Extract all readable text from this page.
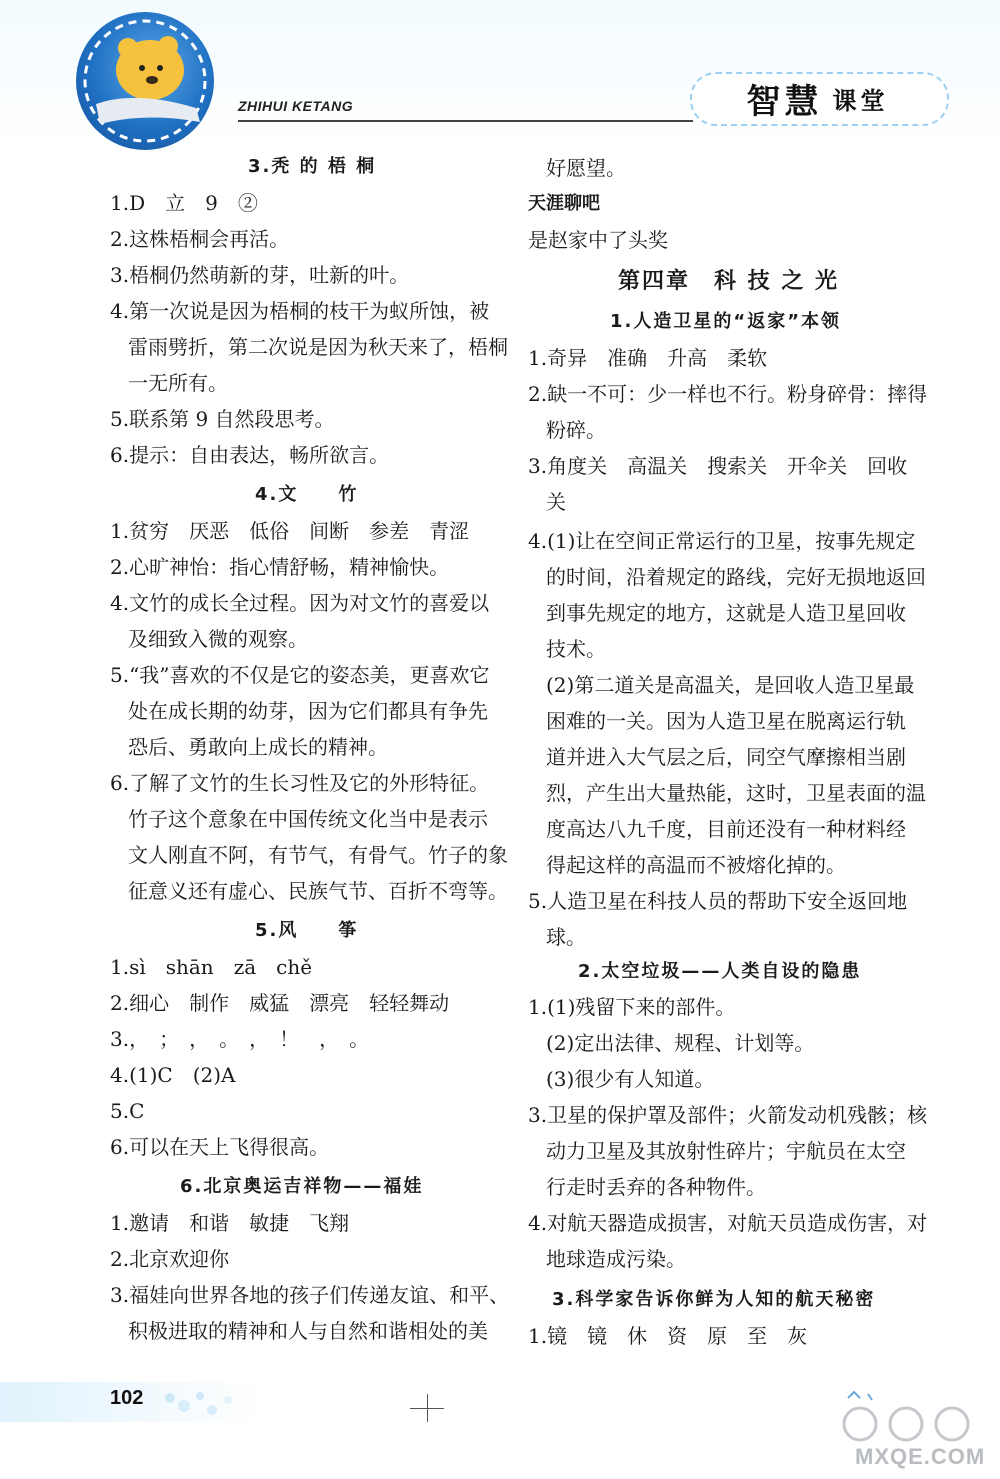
ZHIHUI KETANG	智慧 课堂
3.秃 的 梧 桐
1.D　立　9　②
2.这株梧桐会再活。
3.梧桐仍然萌新的芽，吐新的叶。
4.第一次说是因为梧桐的枝干为蚁所蚀，被
雷雨劈折，第二次说是因为秋天来了，梧桐
一无所有。
5.联系第 9 自然段思考。
6.提示：自由表达，畅所欲言。
4.文　　竹
1.贫穷　厌恶　低俗　间断　参差　青涩
2.心旷神怡：指心情舒畅，精神愉快。
4.文竹的成长全过程。因为对文竹的喜爱以
及细致入微的观察。
5.“我”喜欢的不仅是它的姿态美，更喜欢它
处在成长期的幼芽，因为它们都具有争先
恐后、勇敢向上成长的精神。
6.了解了文竹的生长习性及它的外形特征。
竹子这个意象在中国传统文化当中是表示
文人刚直不阿，有节气，有骨气。竹子的象
征意义还有虚心、民族气节、百折不弯等。
5.风　　筝
1.sì　shān　zā　chě
2.细心　制作　威猛　漂亮　轻轻舞动
3.，　；　，　。　，　！　，　。
4.(1)C　(2)A
5.C
6.可以在天上飞得很高。
6.北京奥运吉祥物——福娃
1.邀请　和谐　敏捷　飞翔
2.北京欢迎你
3.福娃向世界各地的孩子们传递友谊、和平、
积极进取的精神和人与自然和谐相处的美
好愿望。
天涯聊吧
是赵家中了头奖
第四章　科 技 之 光
1.人造卫星的“返家”本领
1.奇异　准确　升高　柔软
2.缺一不可：少一样也不行。粉身碎骨：摔得
粉碎。
3.角度关　高温关　搜索关　开伞关　回收
关
4.(1)让在空间正常运行的卫星，按事先规定
的时间，沿着规定的路线，完好无损地返回
到事先规定的地方，这就是人造卫星回收
技术。
(2)第二道关是高温关，是回收人造卫星最
困难的一关。因为人造卫星在脱离运行轨
道并进入大气层之后，同空气摩擦相当剧
烈，产生出大量热能，这时，卫星表面的温
度高达八九千度，目前还没有一种材料经
得起这样的高温而不被熔化掉的。
5.人造卫星在科技人员的帮助下安全返回地
球。
2.太空垃圾——人类自设的隐患
1.(1)残留下来的部件。
(2)定出法律、规程、计划等。
(3)很少有人知道。
3.卫星的保护罩及部件；火箭发动机残骸；核
动力卫星及其放射性碎片；宇航员在太空
行走时丢弃的各种物件。
4.对航天器造成损害，对航天员造成伤害，对
地球造成污染。
3.科学家告诉你鲜为人知的航天秘密
1.镜　镜　休　资　原　至　灰
102
MXQE.COM
